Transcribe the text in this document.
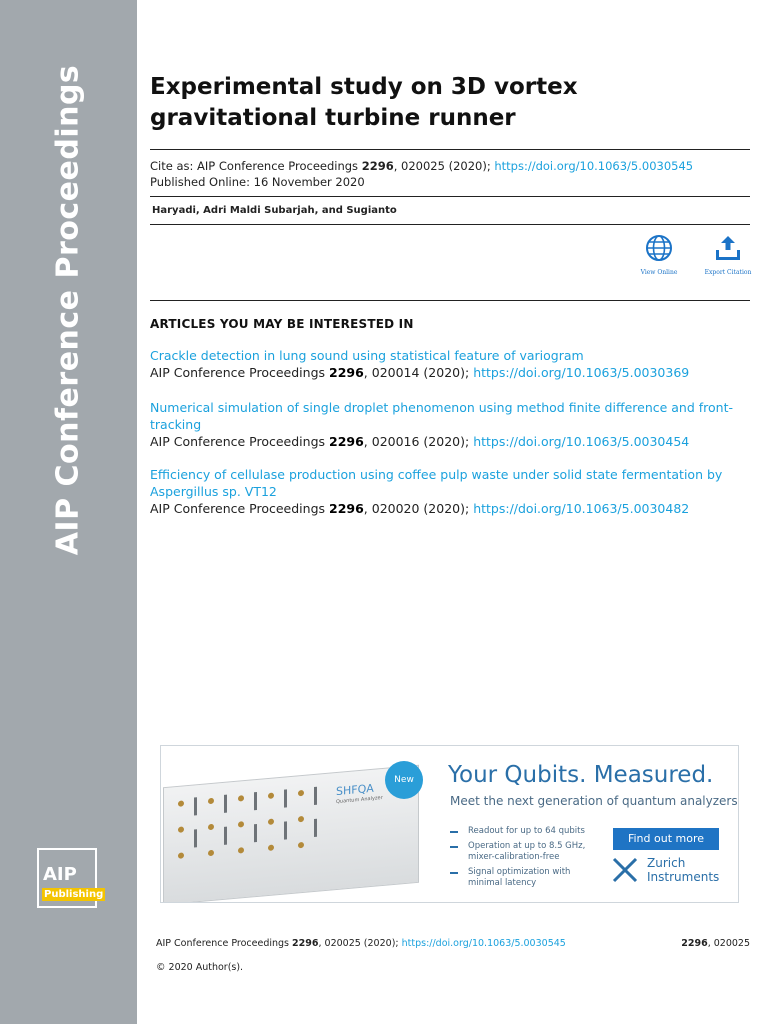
AIP Conference Proceedings
AIP
Publishing
Experimental study on 3D vortex gravitational turbine runner
Cite as: AIP Conference Proceedings 2296, 020025 (2020); https://doi.org/10.1063/5.0030545
Published Online: 16 November 2020
Haryadi, Adri Maldi Subarjah, and Sugianto
View Online	Export Citation
ARTICLES YOU MAY BE INTERESTED IN
Crackle detection in lung sound using statistical feature of variogram
AIP Conference Proceedings 2296, 020014 (2020); https://doi.org/10.1063/5.0030369
Numerical simulation of single droplet phenomenon using method finite difference and front-tracking
AIP Conference Proceedings 2296, 020016 (2020); https://doi.org/10.1063/5.0030454
Efficiency of cellulase production using coffee pulp waste under solid state fermentation by Aspergillus sp. VT12
AIP Conference Proceedings 2296, 020020 (2020); https://doi.org/10.1063/5.0030482
SHFQA
Quantum Analyzer
New	Your Qubits. Measured.
Meet the next generation of quantum analyzers
Readout for up to 64 qubits
Operation at up to 8.5 GHz, mixer-calibration-free
Signal optimization with minimal latency
Find out more
Zurich
Instruments
AIP Conference Proceedings 2296, 020025 (2020); https://doi.org/10.1063/5.0030545	2296, 020025
© 2020 Author(s).
